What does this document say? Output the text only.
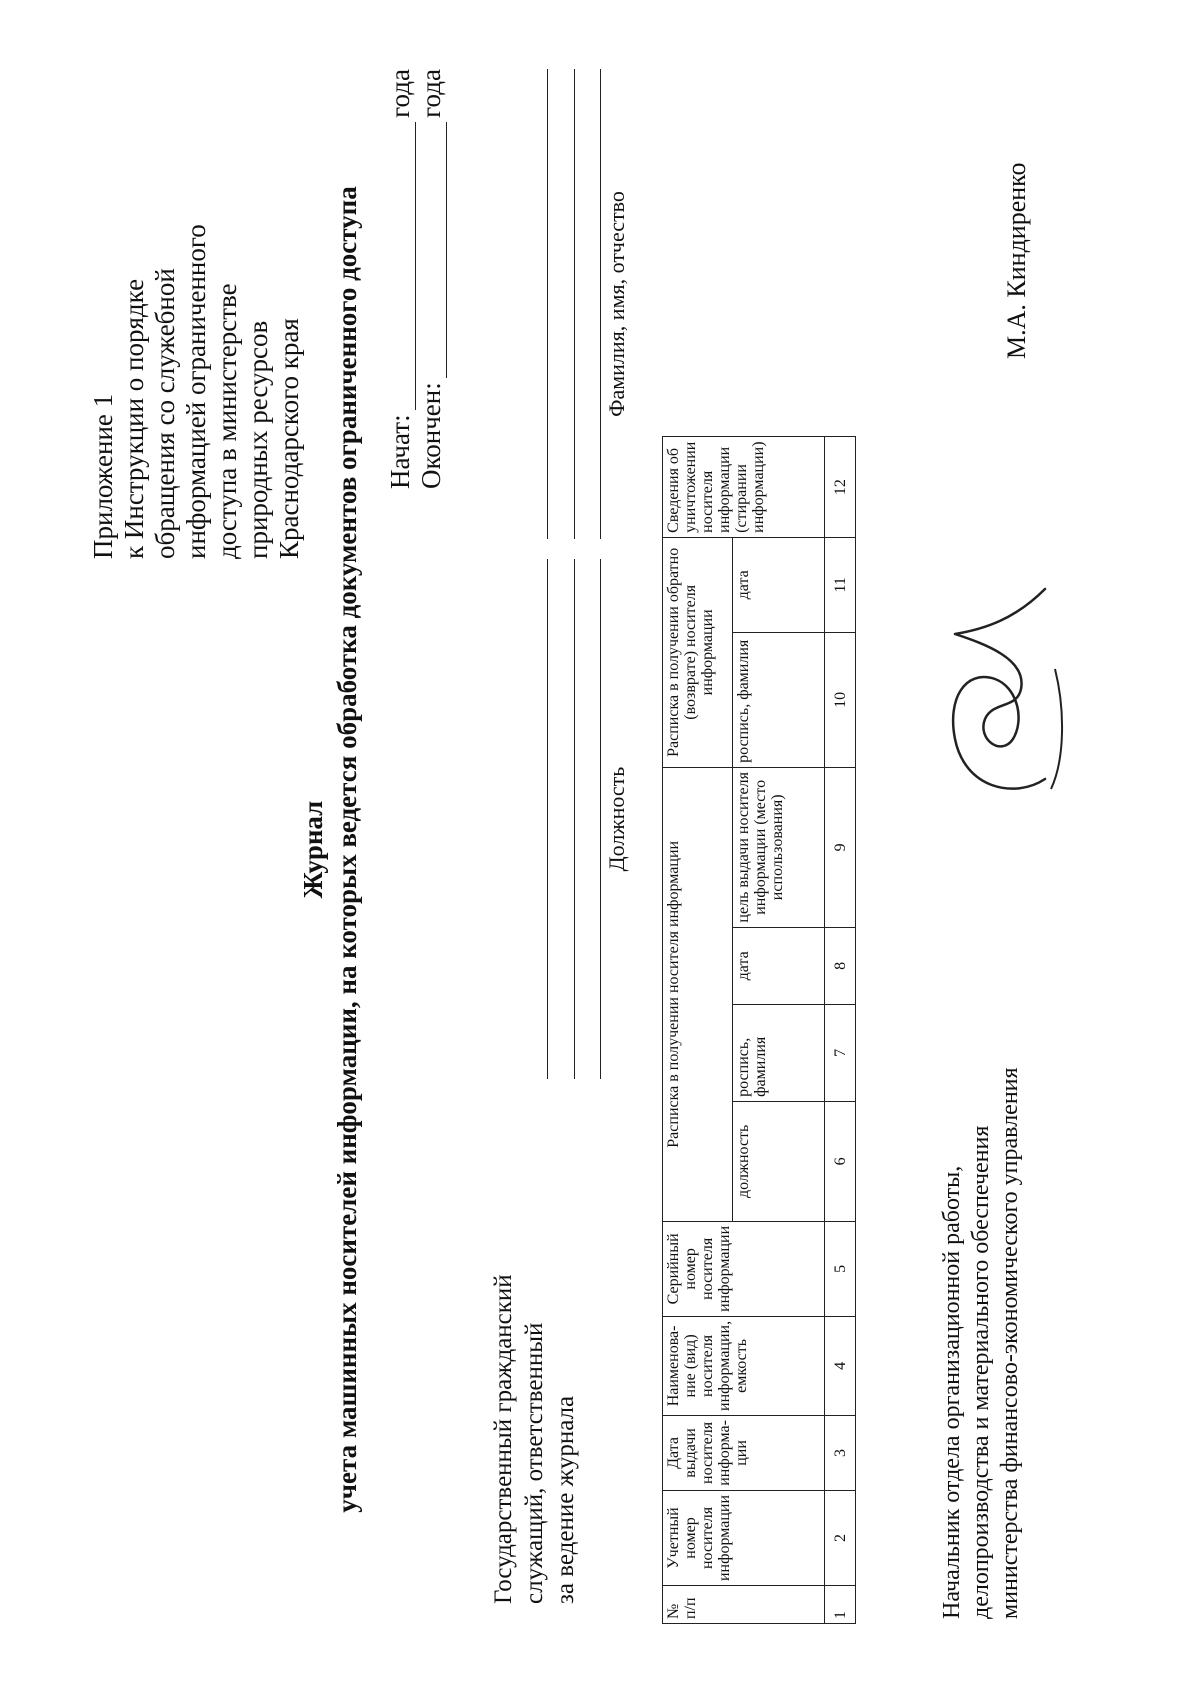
Приложение 1 к Инструкции о порядке обращения со служебной информацией ограниченного доступа в министерстве природных ресурсов Краснодарского края
Журнал учета машинных носителей информации, на которых ведется обработка документов ограниченного доступа Начат:
года
Окончен:
года
Государственный гражданский служащий, ответственный за ведение журнала
Должность
Фамилия, имя, отчество
№ п/п	Учетный номер носителя информации	Дата выдачи носителя информа- ции	Наименова- ние (вид) носителя информации, емкость	Серийный номер носителя информации	Расписка в получении носителя информации				Расписка в получении обратно (возврате) носителя информации		Сведения об уничтожении носителя информации (стирании информации)
					должность	роспись, фамилия	дата	цель выдачи носителя информации (место использования)	роспись, фамилия	дата	
1	2	3	4	5	6	7	8	9	10	11	12
Начальник отдела организационной работы, делопроизводства и материального обеспечения министерства финансово-экономического управления
М.А. Киндиренко
